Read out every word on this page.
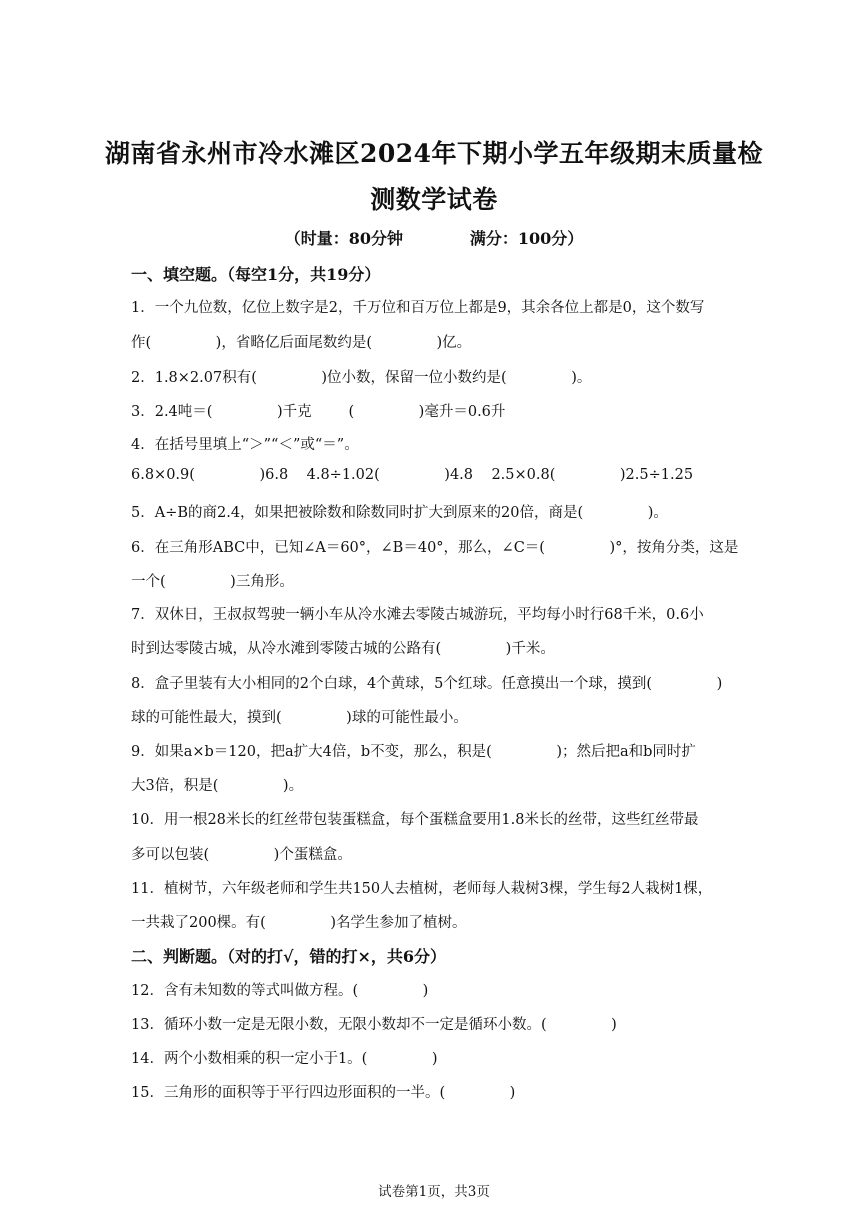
湖南省永州市冷水滩区2024年下期小学五年级期末质量检
测数学试卷
（时量：80分钟            满分：100分）
一、填空题。（每空1分，共19分）
1．一个九位数，亿位上数字是2，千万位和百万位上都是9，其余各位上都是0，这个数写
作(              )，省略亿后面尾数约是(              )亿。
2．1.8×2.07积有(              )位小数，保留一位小数约是(              )。
3．2.4吨＝(              )千克        (              )毫升＝0.6升
4．在括号里填上“＞”“＜”或“＝”。
6.8×0.9(              )6.8    4.8÷1.02(              )4.8    2.5×0.8(              )2.5÷1.25
5．A÷B的商2.4，如果把被除数和除数同时扩大到原来的20倍，商是(              )。
6．在三角形ABC中，已知∠A＝60°，∠B＝40°，那么，∠C＝(              )°，按角分类，这是
一个(              )三角形。
7．双休日，王叔叔驾驶一辆小车从冷水滩去零陵古城游玩，平均每小时行68千米，0.6小
时到达零陵古城，从冷水滩到零陵古城的公路有(              )千米。
8．盒子里装有大小相同的2个白球，4个黄球，5个红球。任意摸出一个球，摸到(              )
球的可能性最大，摸到(              )球的可能性最小。
9．如果a×b＝120，把a扩大4倍，b不变，那么，积是(              )；然后把a和b同时扩
大3倍，积是(              )。
10．用一根28米长的红丝带包装蛋糕盒，每个蛋糕盒要用1.8米长的丝带，这些红丝带最
多可以包装(              )个蛋糕盒。
11．植树节，六年级老师和学生共150人去植树，老师每人栽树3棵，学生每2人栽树1棵，
一共栽了200棵。有(              )名学生参加了植树。
二、判断题。（对的打√，错的打×，共6分）
12．含有未知数的等式叫做方程。(              )
13．循环小数一定是无限小数，无限小数却不一定是循环小数。(              )
14．两个小数相乘的积一定小于1。(              )
15．三角形的面积等于平行四边形面积的一半。(              )
试卷第1页，共3页
